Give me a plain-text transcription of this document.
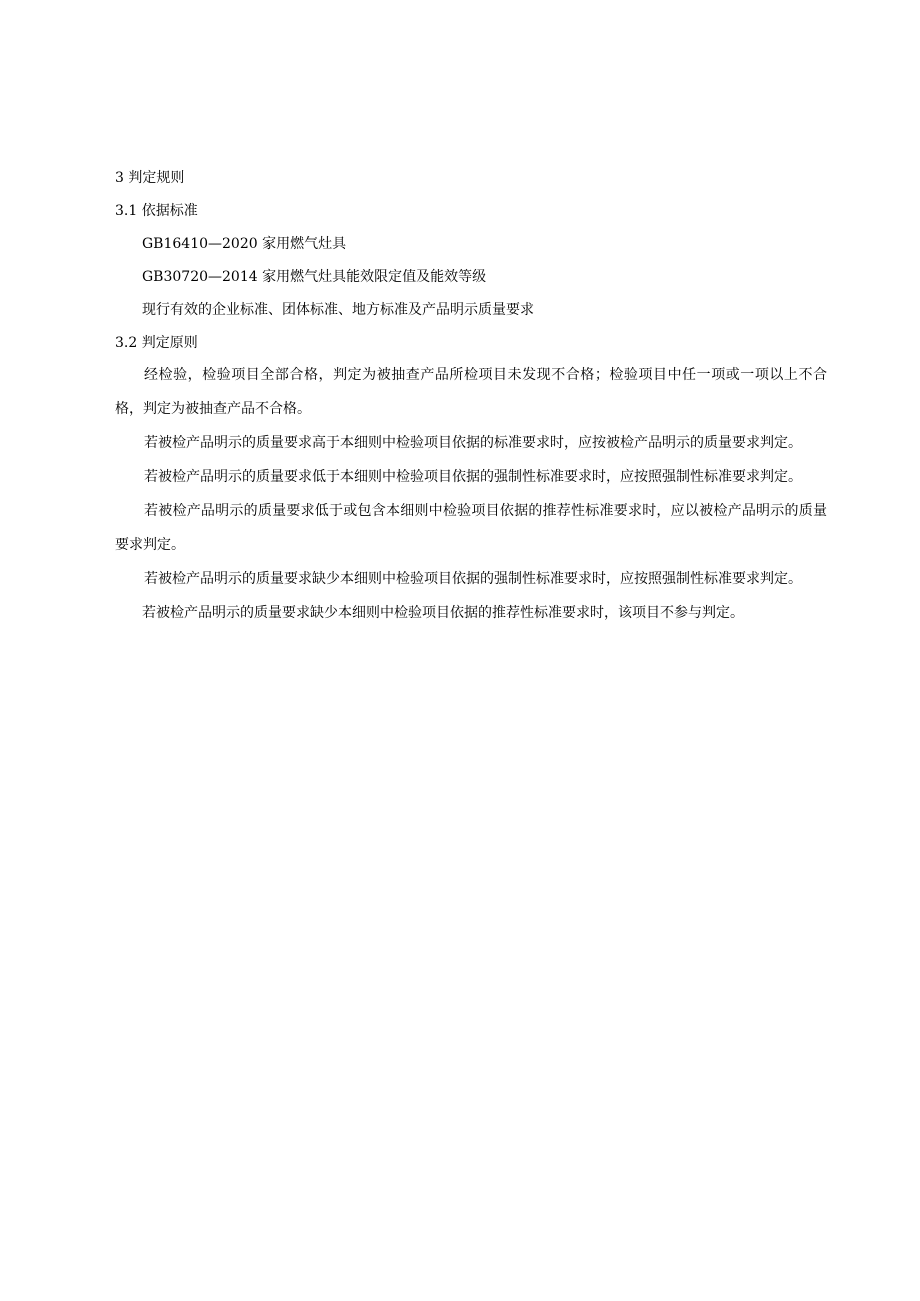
3 判定规则
3.1 依据标准
GB16410—2020 家用燃气灶具
GB30720—2014 家用燃气灶具能效限定值及能效等级
现行有效的企业标准、团体标准、地方标准及产品明示质量要求
3.2 判定原则

经检验，检验项目全部合格，判定为被抽查产品所检项目未发现不合格；检验项目中任一项或一项以上不合格，判定为被抽查产品不合格。

若被检产品明示的质量要求高于本细则中检验项目依据的标准要求时，应按被检产品明示的质量要求判定。

若被检产品明示的质量要求低于本细则中检验项目依据的强制性标准要求时，应按照强制性标准要求判定。

若被检产品明示的质量要求低于或包含本细则中检验项目依据的推荐性标准要求时，应以被检产品明示的质量要求判定。

若被检产品明示的质量要求缺少本细则中检验项目依据的强制性标准要求时，应按照强制性标准要求判定。

若被检产品明示的质量要求缺少本细则中检验项目依据的推荐性标准要求时，该项目不参与判定。
